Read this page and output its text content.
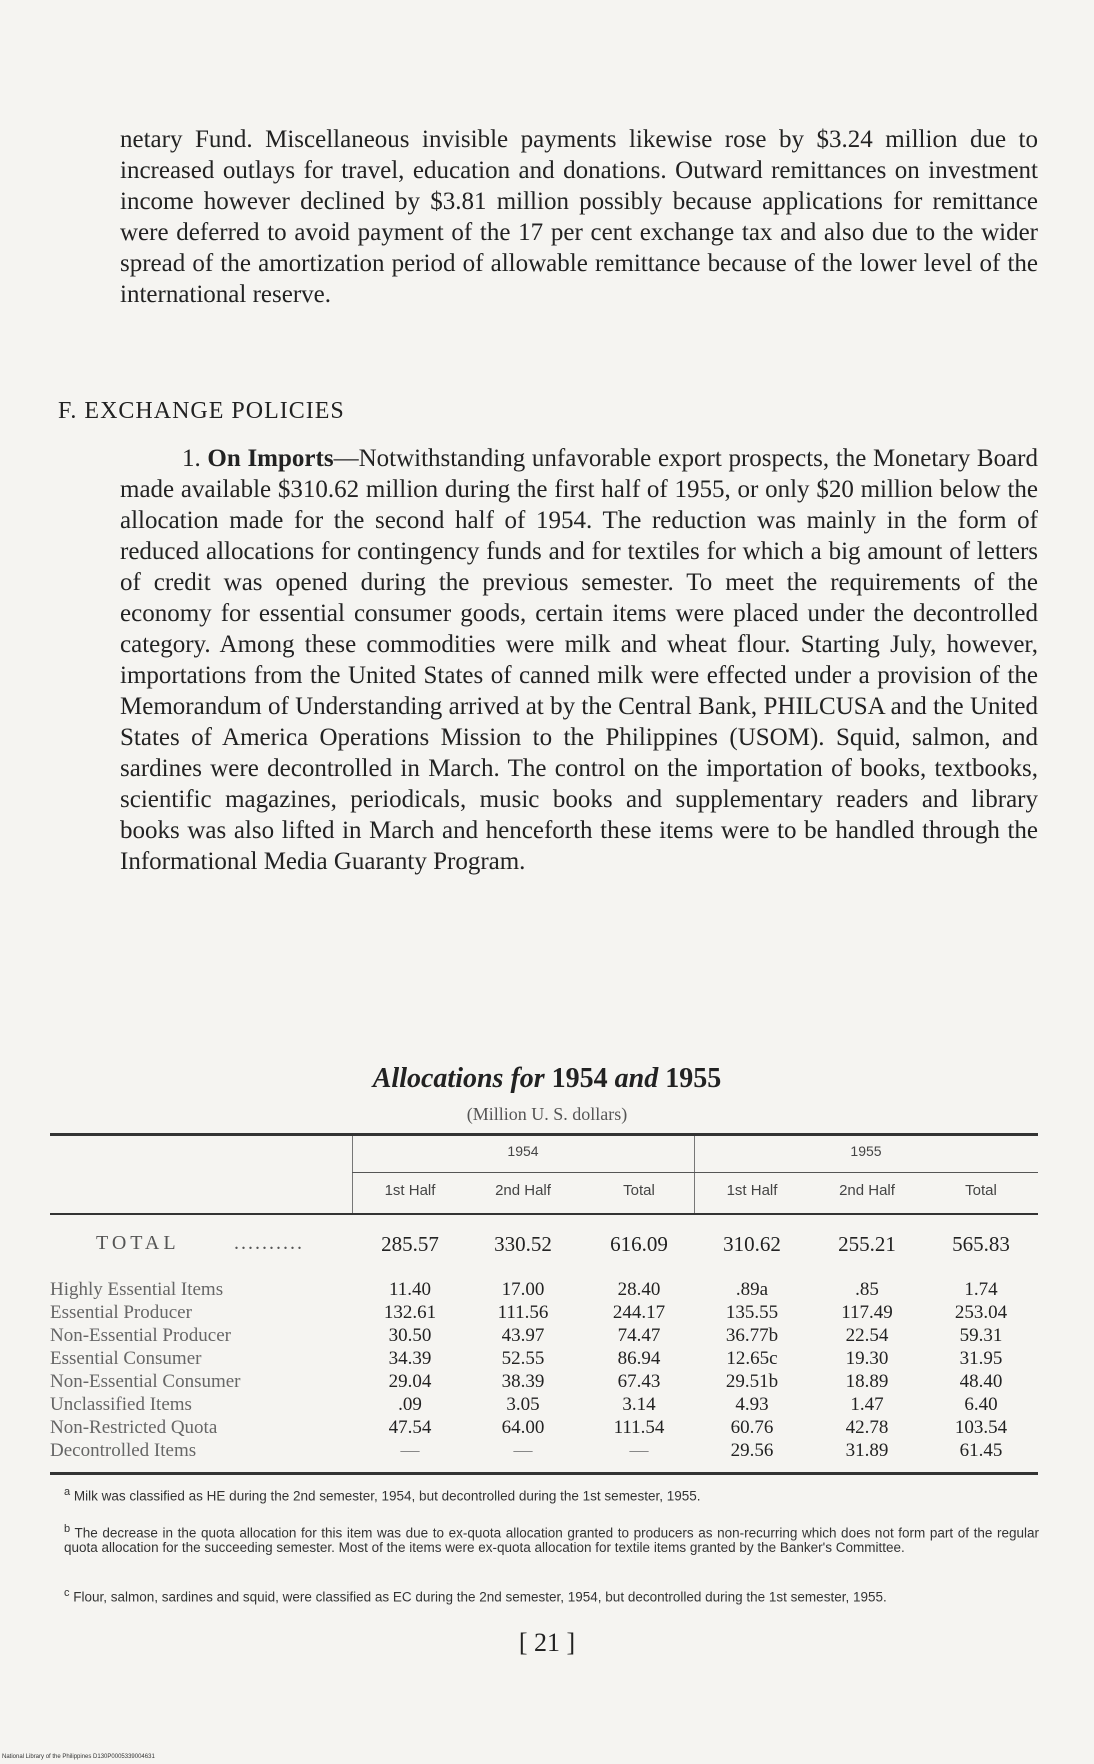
netary Fund. Miscellaneous invisible payments likewise rose by $3.24 million due to increased outlays for travel, education and donations. Outward remittances on investment income however declined by $3.81 million possibly because applications for remittance were deferred to avoid payment of the 17 per cent exchange tax and also due to the wider spread of the amortization period of allowable remittance because of the lower level of the international reserve.

F. EXCHANGE POLICIES

1. On Imports—Notwithstanding unfavorable export prospects, the Monetary Board made available $310.62 million during the first half of 1955, or only $20 million below the allocation made for the second half of 1954. The reduction was mainly in the form of reduced allocations for contingency funds and for textiles for which a big amount of letters of credit was opened during the previous semester. To meet the requirements of the economy for essential consumer goods, certain items were placed under the decontrolled category. Among these commodities were milk and wheat flour. Starting July, however, importations from the United States of canned milk were effected under a provision of the Memorandum of Understanding arrived at by the Central Bank, PHILCUSA and the United States of America Operations Mission to the Philippines (USOM). Squid, salmon, and sardines were decontrolled in March. The control on the importation of books, textbooks, scientific magazines, periodicals, music books and supplementary readers and library books was also lifted in March and henceforth these items were to be handled through the Informational Media Guaranty Program.

Allocations for 1954 and 1955

(Million U. S. dollars)

1954	1955
1st Half	2nd Half	Total	1st Half	2nd Half	Total
TOTAL	..........	285.57	330.52	616.09	310.62	255.21	565.83
Highly Essential Items	11.40	17.00	28.40	.89a	.85	1.74
Essential Producer	132.61	111.56	244.17	135.55	117.49	253.04
Non-Essential Producer	30.50	43.97	74.47	36.77b	22.54	59.31
Essential Consumer	34.39	52.55	86.94	12.65c	19.30	31.95
Non-Essential Consumer	29.04	38.39	67.43	29.51b	18.89	48.40
Unclassified Items	.09	3.05	3.14	4.93	1.47	6.40
Non-Restricted Quota	47.54	64.00	111.54	60.76	42.78	103.54
Decontrolled Items	—	—	—	29.56	31.89	61.45

$^a$ Milk was classified as HE during the 2nd semester, 1954, but decontrolled during the 1st semester, 1955.

$^b$ The decrease in the quota allocation for this item was due to ex-quota allocation granted to producers as non-recurring which does not form part of the regular quota allocation for the succeeding semester. Most of the items were ex-quota allocation for textile items granted by the Banker's Committee.

$^c$ Flour, salmon, sardines and squid, were classified as EC during the 2nd semester, 1954, but decontrolled during the 1st semester, 1955.

[ 21 ]

National Library of the Philippines D130P0005339004631
